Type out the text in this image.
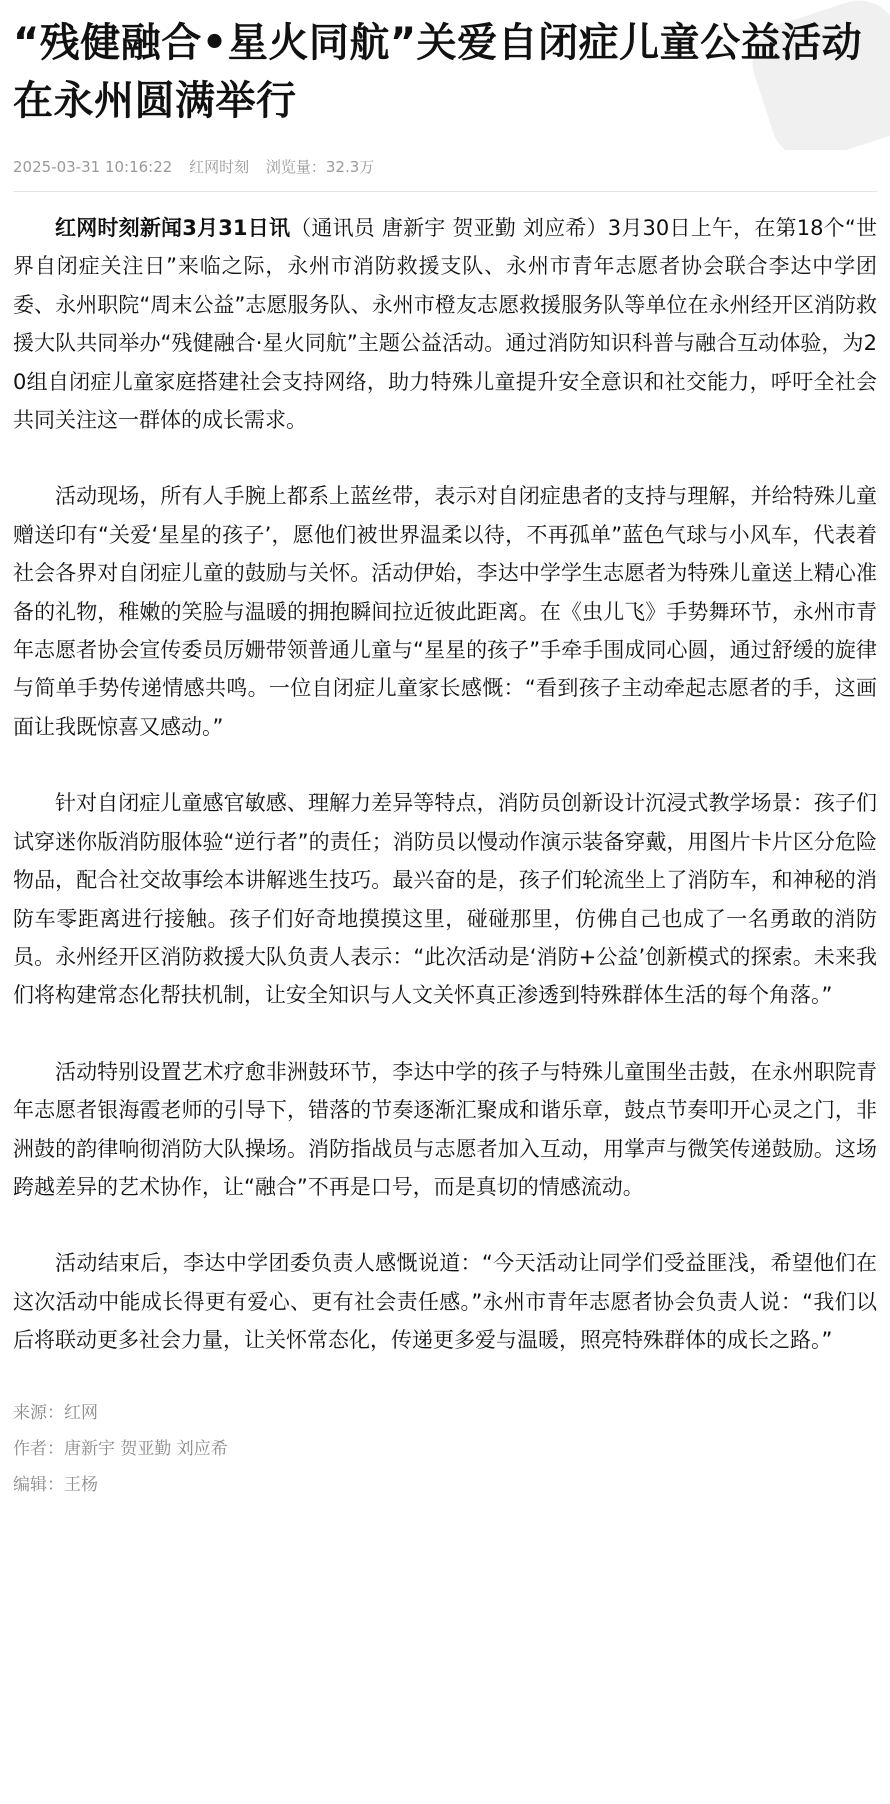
“残健融合•星火同航”关爱自闭症儿童公益活动在永州圆满举行
2025-03-31 10:16:22 红网时刻 浏览量：32.3万

红网时刻新闻3月31日讯（通讯员 唐新宇 贺亚勤 刘应希）3月30日上午，在第18个“世界自闭症关注日”来临之际，永州市消防救援支队、永州市青年志愿者协会联合李达中学团委、永州职院“周末公益”志愿服务队、永州市橙友志愿救援服务队等单位在永州经开区消防救援大队共同举办“残健融合·星火同航”主题公益活动。通过消防知识科普与融合互动体验，为20组自闭症儿童家庭搭建社会支持网络，助力特殊儿童提升安全意识和社交能力，呼吁全社会共同关注这一群体的成长需求。

活动现场，所有人手腕上都系上蓝丝带，表示对自闭症患者的支持与理解，并给特殊儿童赠送印有“关爱‘星星的孩子’，愿他们被世界温柔以待，不再孤单”蓝色气球与小风车，代表着社会各界对自闭症儿童的鼓励与关怀。活动伊始，李达中学学生志愿者为特殊儿童送上精心准备的礼物，稚嫩的笑脸与温暖的拥抱瞬间拉近彼此距离。在《虫儿飞》手势舞环节，永州市青年志愿者协会宣传委员厉姗带领普通儿童与“星星的孩子”手牵手围成同心圆，通过舒缓的旋律与简单手势传递情感共鸣。一位自闭症儿童家长感慨：“看到孩子主动牵起志愿者的手，这画面让我既惊喜又感动。”

针对自闭症儿童感官敏感、理解力差异等特点，消防员创新设计沉浸式教学场景：孩子们试穿迷你版消防服体验“逆行者”的责任；消防员以慢动作演示装备穿戴，用图片卡片区分危险物品，配合社交故事绘本讲解逃生技巧。最兴奋的是，孩子们轮流坐上了消防车，和神秘的消防车零距离进行接触。孩子们好奇地摸摸这里，碰碰那里，仿佛自己也成了一名勇敢的消防员。永州经开区消防救援大队负责人表示：“此次活动是‘消防+公益’创新模式的探索。未来我们将构建常态化帮扶机制，让安全知识与人文关怀真正渗透到特殊群体生活的每个角落。”

活动特别设置艺术疗愈非洲鼓环节，李达中学的孩子与特殊儿童围坐击鼓，在永州职院青年志愿者银海霞老师的引导下，错落的节奏逐渐汇聚成和谐乐章，鼓点节奏叩开心灵之门，非洲鼓的韵律响彻消防大队操场。消防指战员与志愿者加入互动，用掌声与微笑传递鼓励。这场跨越差异的艺术协作，让“融合”不再是口号，而是真切的情感流动。

活动结束后，李达中学团委负责人感慨说道：“今天活动让同学们受益匪浅，希望他们在这次活动中能成长得更有爱心、更有社会责任感。”永州市青年志愿者协会负责人说：“我们以后将联动更多社会力量，让关怀常态化，传递更多爱与温暖，照亮特殊群体的成长之路。”

来源：红网
作者：唐新宇 贺亚勤 刘应希
编辑：王杨
